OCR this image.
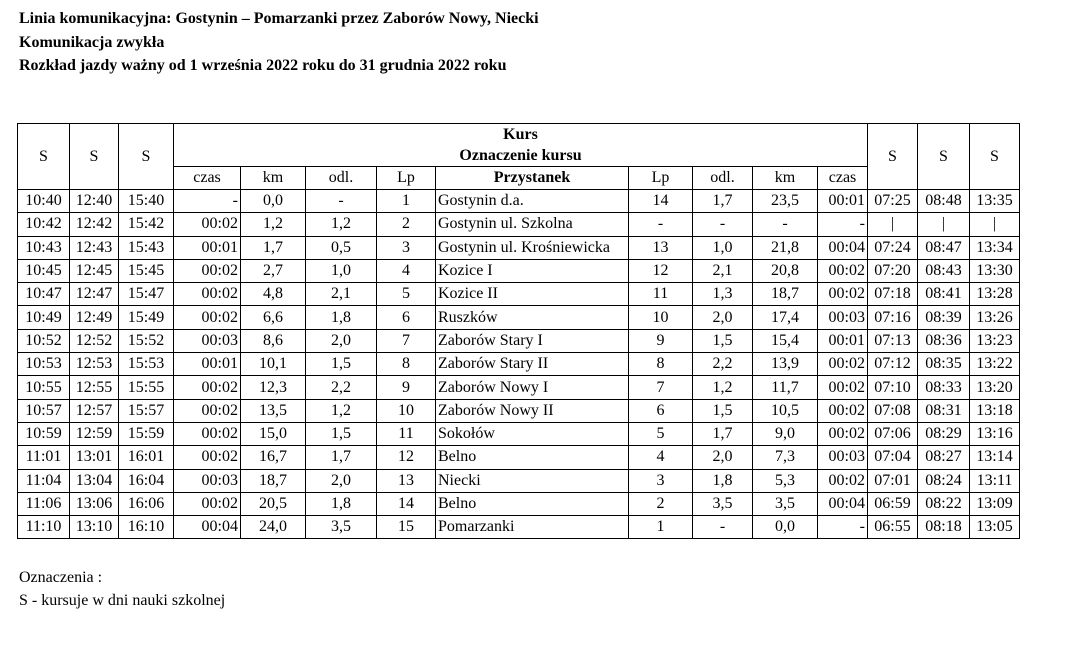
Linia komunikacyjna: Gostynin – Pomarzanki przez Zaborów Nowy, Niecki
Komunikacja zwykła
Rozkład jazdy ważny od 1 września 2022 roku do 31 grudnia 2022 roku
S	S	S	Kurs									S	S	S
			Oznaczenie kursu											
			czas	km	odl.	Lp	Przystanek	Lp	odl.	km	czas			
10:40	12:40	15:40	-	0,0	-	1	Gostynin d.a.	14	1,7	23,5	00:01	07:25	08:48	13:35
10:42	12:42	15:42	00:02	1,2	1,2	2	Gostynin ul. Szkolna	-	-	-	-	|	|	|
10:43	12:43	15:43	00:01	1,7	0,5	3	Gostynin ul. Krośniewicka	13	1,0	21,8	00:04	07:24	08:47	13:34
10:45	12:45	15:45	00:02	2,7	1,0	4	Kozice I	12	2,1	20,8	00:02	07:20	08:43	13:30
10:47	12:47	15:47	00:02	4,8	2,1	5	Kozice II	11	1,3	18,7	00:02	07:18	08:41	13:28
10:49	12:49	15:49	00:02	6,6	1,8	6	Ruszków	10	2,0	17,4	00:03	07:16	08:39	13:26
10:52	12:52	15:52	00:03	8,6	2,0	7	Zaborów Stary I	9	1,5	15,4	00:01	07:13	08:36	13:23
10:53	12:53	15:53	00:01	10,1	1,5	8	Zaborów Stary II	8	2,2	13,9	00:02	07:12	08:35	13:22
10:55	12:55	15:55	00:02	12,3	2,2	9	Zaborów Nowy I	7	1,2	11,7	00:02	07:10	08:33	13:20
10:57	12:57	15:57	00:02	13,5	1,2	10	Zaborów Nowy II	6	1,5	10,5	00:02	07:08	08:31	13:18
10:59	12:59	15:59	00:02	15,0	1,5	11	Sokołów	5	1,7	9,0	00:02	07:06	08:29	13:16
11:01	13:01	16:01	00:02	16,7	1,7	12	Belno	4	2,0	7,3	00:03	07:04	08:27	13:14
11:04	13:04	16:04	00:03	18,7	2,0	13	Niecki	3	1,8	5,3	00:02	07:01	08:24	13:11
11:06	13:06	16:06	00:02	20,5	1,8	14	Belno	2	3,5	3,5	00:04	06:59	08:22	13:09
11:10	13:10	16:10	00:04	24,0	3,5	15	Pomarzanki	1	-	0,0	-	06:55	08:18	13:05
Oznaczenia :
S - kursuje w dni nauki szkolnej
